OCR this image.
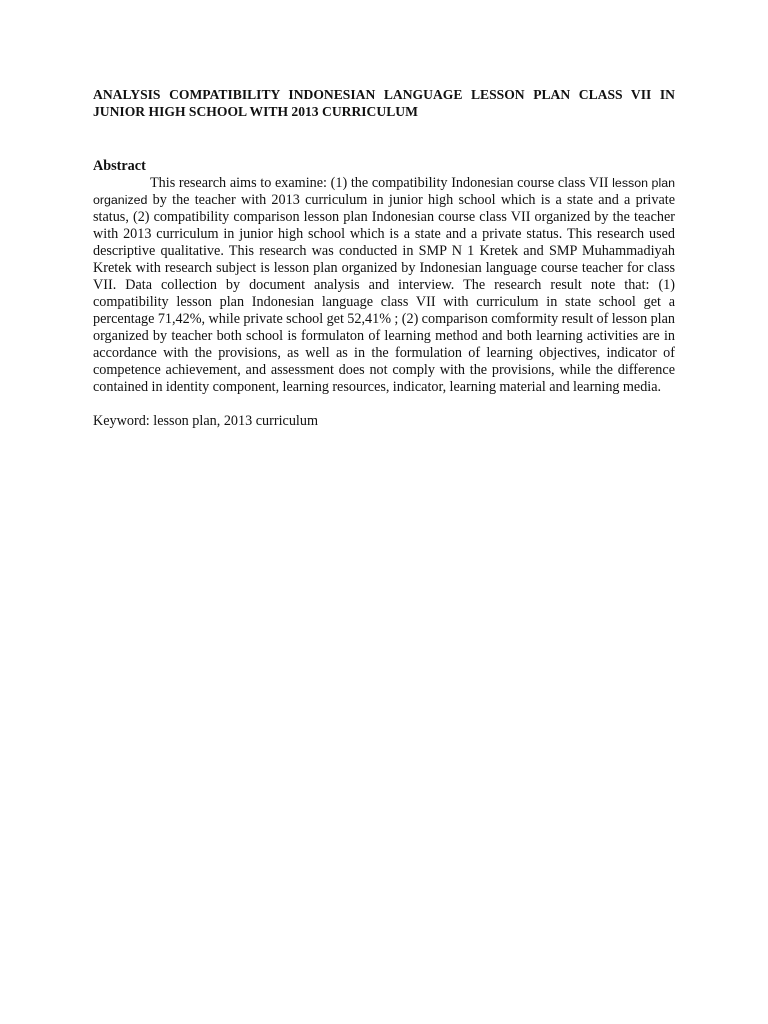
ANALYSIS COMPATIBILITY INDONESIAN LANGUAGE LESSON PLAN CLASS VII IN JUNIOR HIGH SCHOOL WITH 2013 CURRICULUM
Abstract

This research aims to examine: (1) the compatibility Indonesian course class VII lesson plan organized by the teacher with 2013 curriculum in junior high school which is a state and a private status, (2) compatibility comparison lesson plan Indonesian course class VII organized by the teacher with 2013 curriculum in junior high school which is a state and a private status. This research used descriptive qualitative. This research was conducted in SMP N 1 Kretek and SMP Muhammadiyah Kretek with research subject is lesson plan organized by Indonesian language course teacher for class VII. Data collection by document analysis and interview. The research result note that: (1) compatibility lesson plan Indonesian language class VII with curriculum in state school get a percentage 71,42%, while private school get 52,41% ; (2) comparison comformity result of lesson plan organized by teacher both school is formulaton of learning method and both learning activities are in accordance with the provisions, as well as in the formulation of learning objectives, indicator of competence achievement, and assessment does not comply with the provisions, while the difference contained in identity component, learning resources, indicator, learning material and learning media.

Keyword: lesson plan, 2013 curriculum
